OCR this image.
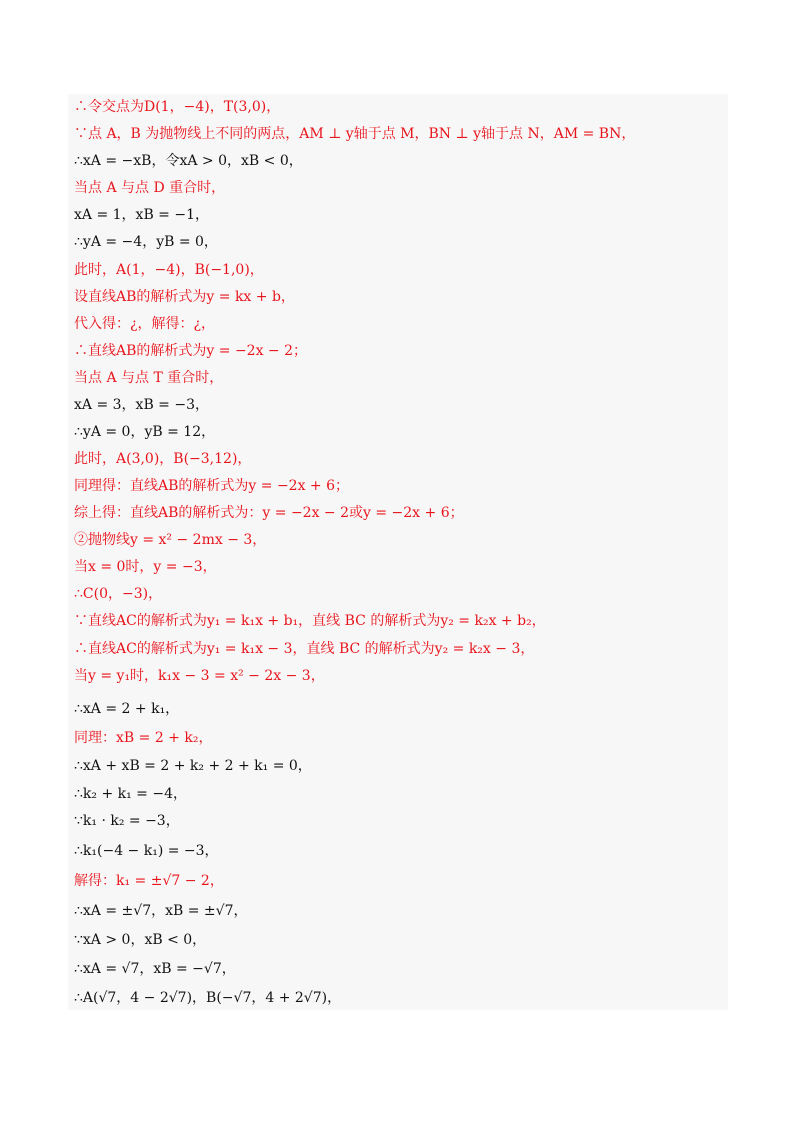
∴令交点为D(1，−4)，T(3,0)，
∵点 A，B 为抛物线上不同的两点，AM ⊥ y轴于点 M，BN ⊥ y轴于点 N，AM = BN，
∴xA = −xB，令xA > 0，xB < 0，
当点 A 与点 D 重合时，
xA = 1，xB = −1，
∴yA = −4，yB = 0，
此时，A(1，−4)，B(−1,0)，
设直线AB的解析式为y = kx + b，
代入得：¿，解得：¿，
∴直线AB的解析式为y = −2x − 2；
当点 A 与点 T 重合时，
xA = 3，xB = −3，
∴yA = 0，yB = 12，
此时，A(3,0)，B(−3,12)，
同理得：直线AB的解析式为y = −2x + 6；
综上得：直线AB的解析式为：y = −2x − 2或y = −2x + 6；
②抛物线y = x² − 2mx − 3，
当x = 0时，y = −3，
∴C(0，−3)，
∵直线AC的解析式为y₁ = k₁x + b₁，直线 BC 的解析式为y₂ = k₂x + b₂，
∴直线AC的解析式为y₁ = k₁x − 3，直线 BC 的解析式为y₂ = k₂x − 3，
当y = y₁时，k₁x − 3 = x² − 2x − 3，
∴xA = 2 + k₁，
同理：xB = 2 + k₂，
∴xA + xB = 2 + k₂ + 2 + k₁ = 0，
∴k₂ + k₁ = −4，
∵k₁ · k₂ = −3，
∴k₁(−4 − k₁) = −3，
解得：k₁ = ±√7 − 2，
∴xA = ±√7，xB = ±√7，
∵xA > 0，xB < 0，
∴xA = √7，xB = −√7，
∴A(√7，4 − 2√7)，B(−√7，4 + 2√7)，
